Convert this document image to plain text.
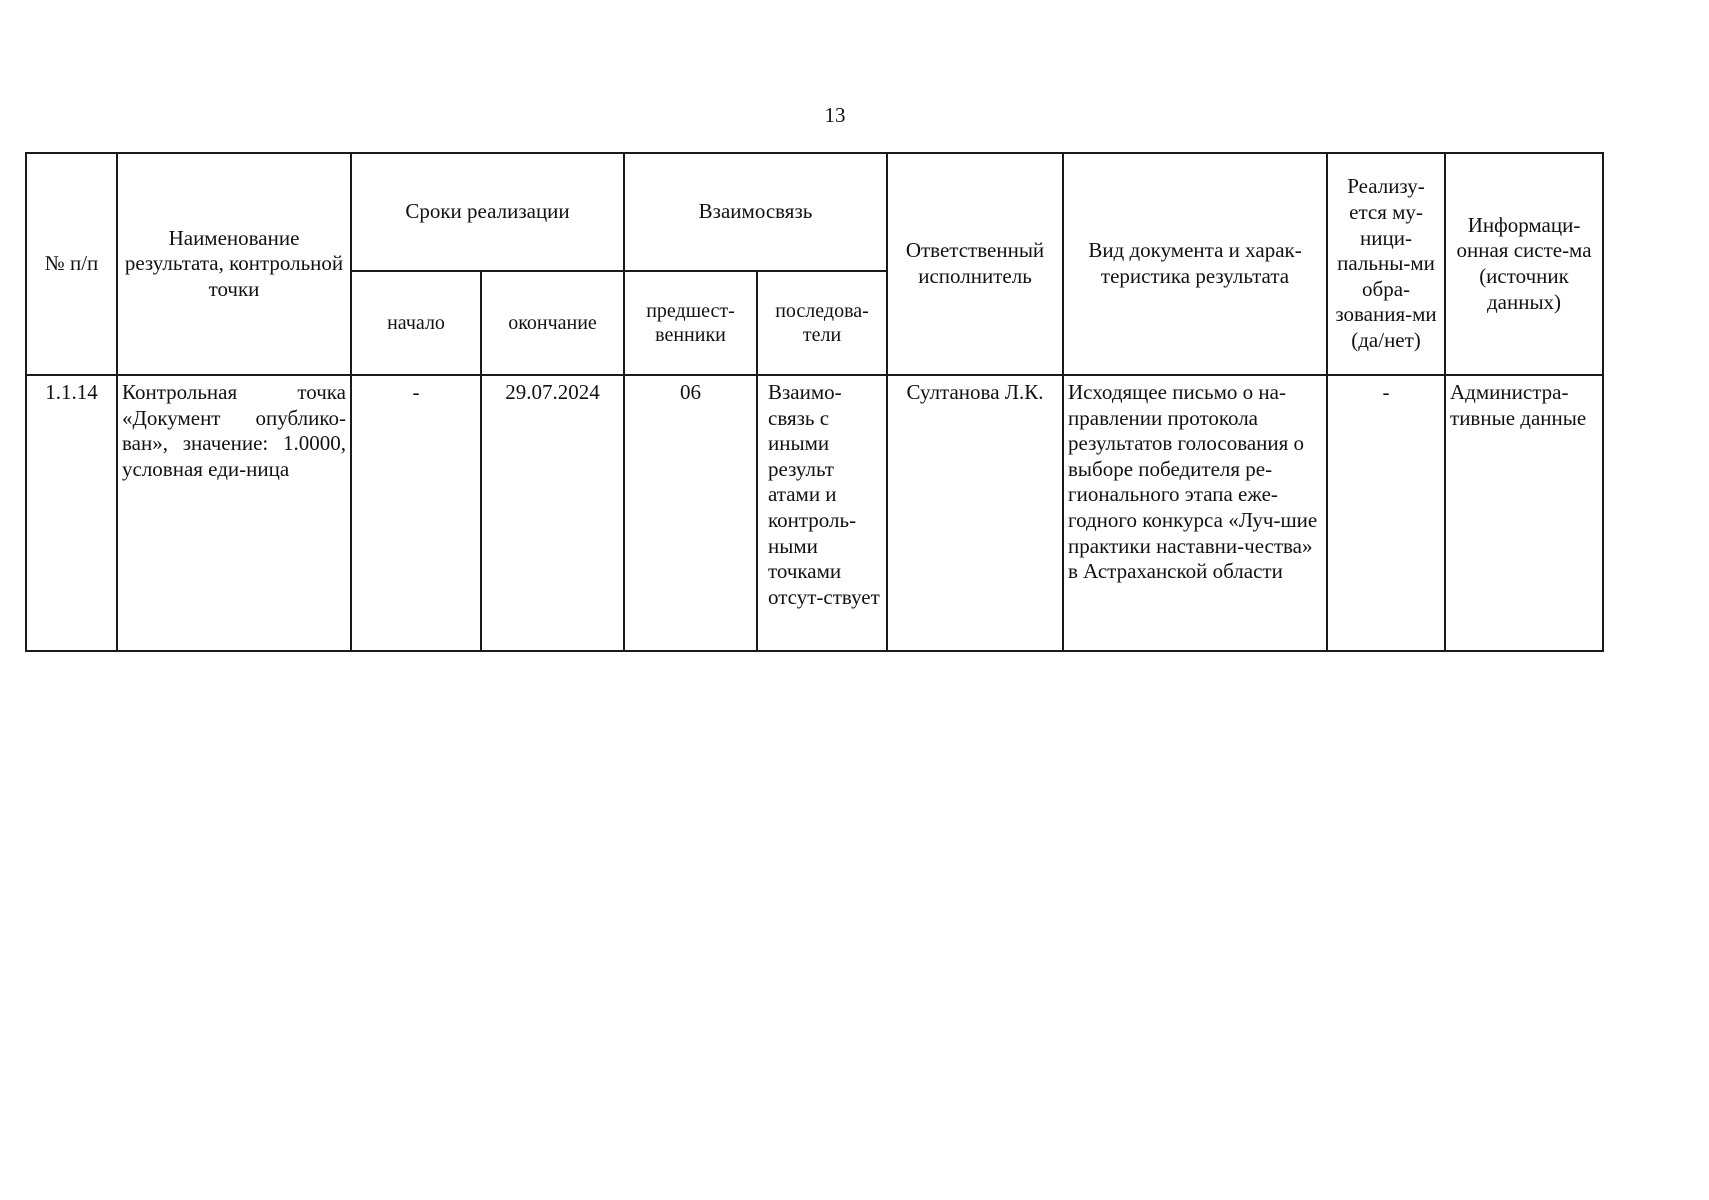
13
№ п/п	Наименование результата, контрольной точки	Сроки реализации		Взаимосвязь		Ответственный исполнитель	Вид документа и харак-теристика результата	Реализу-ется му-ници-пальны-ми обра-зования-ми (да/нет)	Информаци-онная систе-ма (источник данных)
		начало	окончание	предшест-венники	последова-тели				
1.1.14	Контрольная точка «Документ опублико-ван», значение: 1.0000, условная еди-ница	-	29.07.2024	06	Взаимо-связь с иными результ атами и контроль-ными точками отсут-ствует	Султанова Л.К.	Исходящее письмо о на-правлении протокола результатов голосования о выборе победителя ре-гионального этапа еже-годного конкурса «Луч-шие практики наставни-чества» в Астраханской области	-	Администра-тивные данные
